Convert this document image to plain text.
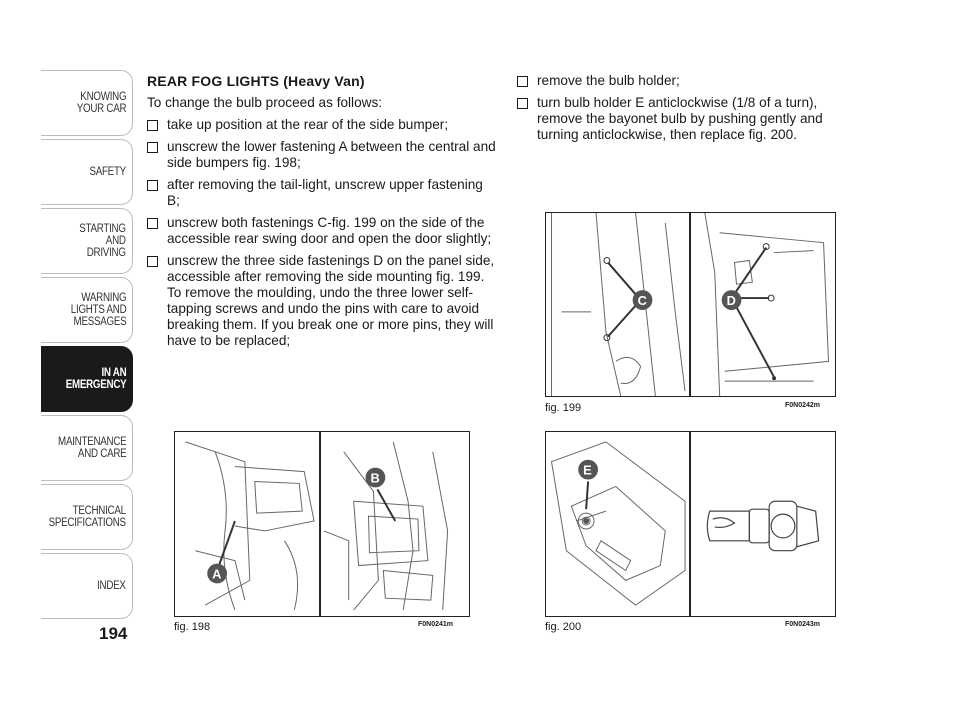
KNOWING
YOUR CAR
SAFETY
STARTING
AND
DRIVING
WARNING
LIGHTS AND
MESSAGES
IN AN
EMERGENCY
MAINTENANCE
AND CARE
TECHNICAL
SPECIFICATIONS
INDEX
194
REAR FOG LIGHTS (Heavy Van)

To change the bulb proceed as follows:

take up position at the rear of the side bumper;
unscrew the lower fastening A between the central and side bumpers fig. 198;
after removing the tail-light, unscrew upper fastening B;
unscrew both fastenings C-fig. 199 on the side of the accessible rear swing door and open the door slightly;
unscrew the three side fastenings D on the panel side, accessible after removing the side mounting fig. 199. To remove the moulding, undo the three lower self-tapping screws and undo the pins with care to avoid breaking them. If you break one or more pins, they will have to be replaced;
remove the bulb holder;
turn bulb holder E anticlockwise (1/8 of a turn), remove the bayonet bulb by pushing gently and turning anticlockwise, then replace fig. 200.
A
B
fig. 198	F0N0241m
C	D
fig. 199	F0N0242m
E
fig. 200	F0N0243m
